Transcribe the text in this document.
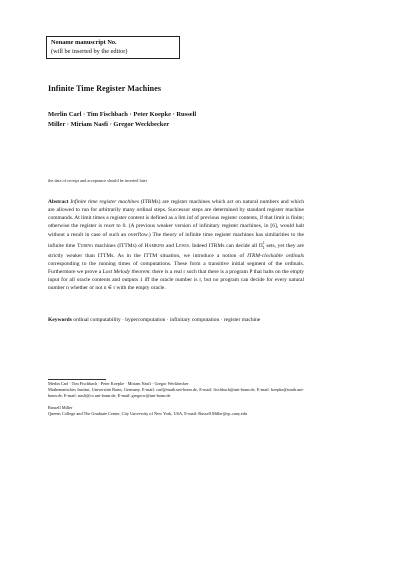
Noname manuscript No.
(will be inserted by the editor)
Infinite Time Register Machines
Merlin Carl · Tim Fischbach · Peter Koepke · Russell Miller · Miriam Nasfi · Gregor Weckbecker
the date of receipt and acceptance should be inserted later
Abstract Infinite time register machines (ITRMs) are register machines which act on natural numbers and which are allowed to run for arbitrarily many ordinal steps. Successor steps are determined by standard register machine commands. At limit times a register content is defined as a lim inf of previous register contents, if that limit is finite; otherwise the register is reset to 0. (A previous weaker version of infinitary register machines, in [6], would halt without a result in case of such an overflow.) The theory of infinite time register machines has similarities to the infinite time Turing machines (ITTMs) of Hamkins and Lewis. Indeed ITRMs can decide all $\Pi^1_1$ sets, yet they are strictly weaker than ITTMs. As in the ITTM situation, we introduce a notion of ITRM-clockable ordinals corresponding to the running times of computations. These form a transitive initial segment of the ordinals. Furthermore we prove a Lost Melody theorem: there is a real r such that there is a program P that halts on the empty input for all oracle contents and outputs 1 iff the oracle number is r, but no program can decide for every natural number n whether or not n ∈ r with the empty oracle.
Keywords ordinal computability · hypercomputation · infinitary computation · register machine

Merlin Carl · Tim Fischbach · Peter Koepke · Miriam Nasfi · Gregor Weckbecker

Mathematisches Institut, Universität Bonn, Germany, E-mail: carl@math.uni-bonn.de, E-mail: fischbach@uni-bonn.de, E-mail: koepke@math.uni-bonn.de, E-mail: nasfi@cs.uni-bonn.de, E-mail: gregorw@uni-bonn.de

Russell Miller

Queens College and The Graduate Center, City University of New York, USA, E-mail: Russell.Miller@qc.cuny.edu
